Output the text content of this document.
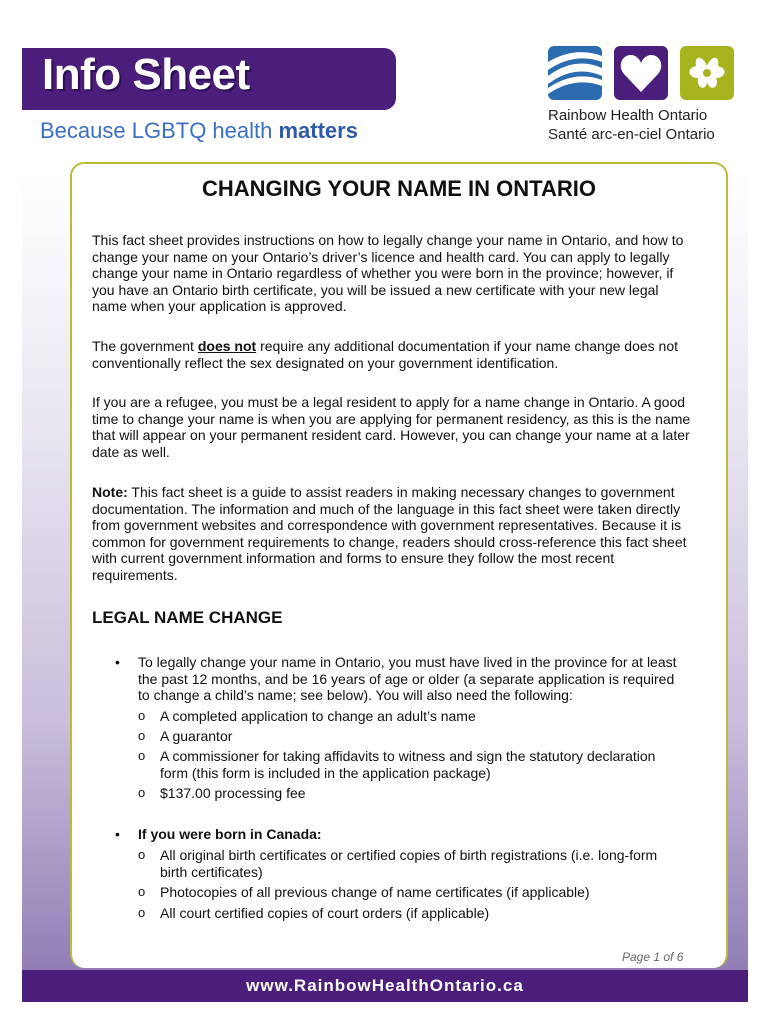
Info Sheet
Because LGBTQ health matters
Rainbow Health Ontario
Santé arc-en-ciel Ontario
CHANGING YOUR NAME IN ONTARIO
This fact sheet provides instructions on how to legally change your name in Ontario, and how to change your name on your Ontario’s driver’s licence and health card. You can apply to legally change your name in Ontario regardless of whether you were born in the province; however, if you have an Ontario birth certificate, you will be issued a new certificate with your new legal name when your application is approved.
The government does not require any additional documentation if your name change does not conventionally reflect the sex designated on your government identification.
If you are a refugee, you must be a legal resident to apply for a name change in Ontario. A good time to change your name is when you are applying for permanent residency, as this is the name that will appear on your permanent resident card. However, you can change your name at a later date as well.
Note: This fact sheet is a guide to assist readers in making necessary changes to government documentation. The information and much of the language in this fact sheet were taken directly from government websites and correspondence with government representatives. Because it is common for government requirements to change, readers should cross-reference this fact sheet with current government information and forms to ensure they follow the most recent requirements.
LEGAL NAME CHANGE
• To legally change your name in Ontario, you must have lived in the province for at least the past 12 months, and be 16 years of age or older (a separate application is required to change a child’s name; see below). You will also need the following:
o A completed application to change an adult’s name
o A guarantor
o A commissioner for taking affidavits to witness and sign the statutory declaration form (this form is included in the application package)
o $137.00 processing fee
• If you were born in Canada:
o All original birth certificates or certified copies of birth registrations (i.e. long-form birth certificates)
o Photocopies of all previous change of name certificates (if applicable)
o All court certified copies of court orders (if applicable)
Page 1 of 6
www.RainbowHealthOntario.ca
